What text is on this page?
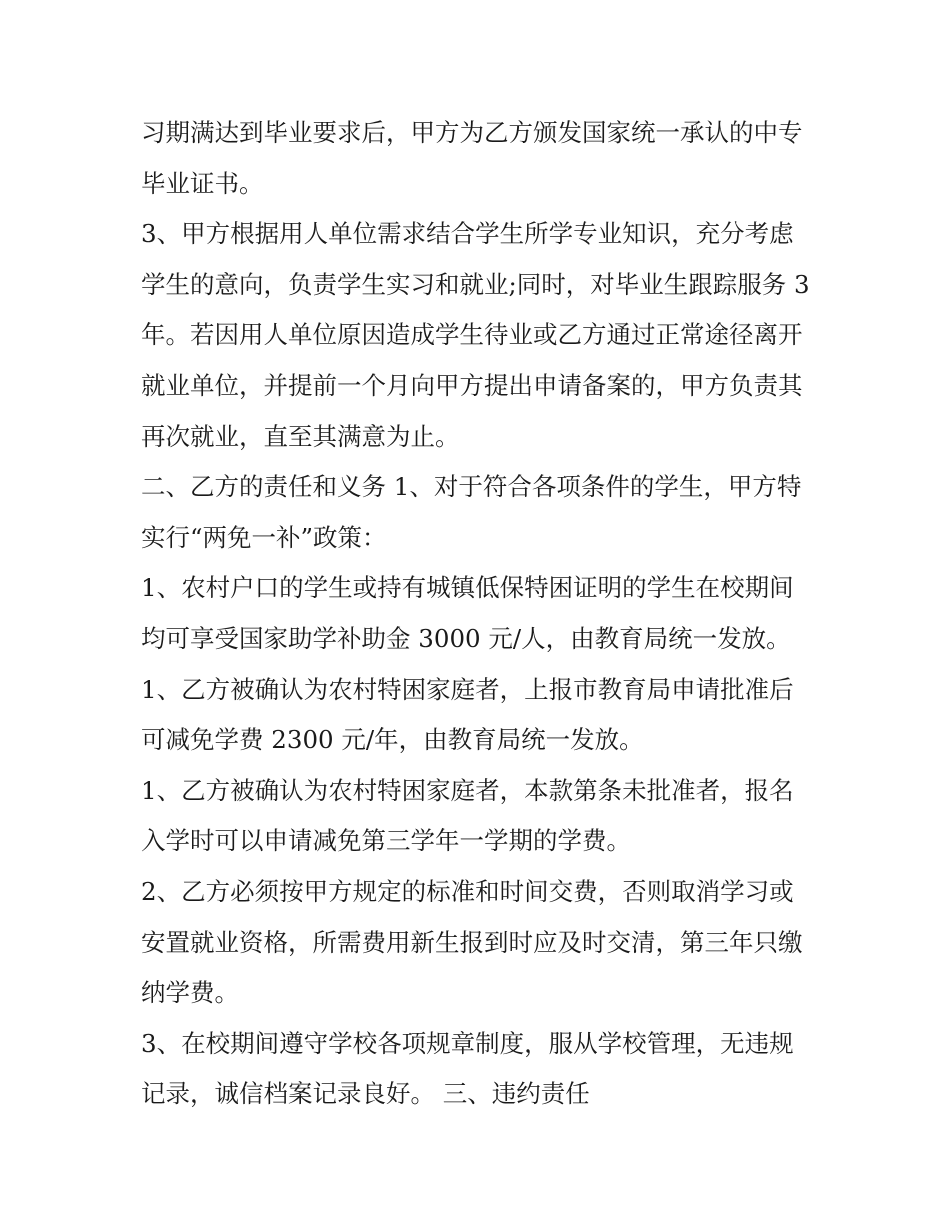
习期满达到毕业要求后，甲方为乙方颁发国家统一承认的中专
毕业证书。
3、甲方根据用人单位需求结合学生所学专业知识，充分考虑
学生的意向，负责学生实习和就业;同时，对毕业生跟踪服务 3
年。若因用人单位原因造成学生待业或乙方通过正常途径离开
就业单位，并提前一个月向甲方提出申请备案的，甲方负责其
再次就业，直至其满意为止。
二、乙方的责任和义务 1、对于符合各项条件的学生，甲方特
实行“两免一补”政策：
1、农村户口的学生或持有城镇低保特困证明的学生在校期间
均可享受国家助学补助金 3000 元/人，由教育局统一发放。
1、乙方被确认为农村特困家庭者，上报市教育局申请批准后
可减免学费 2300 元/年，由教育局统一发放。
1、乙方被确认为农村特困家庭者，本款第条未批准者，报名
入学时可以申请减免第三学年一学期的学费。
2、乙方必须按甲方规定的标准和时间交费，否则取消学习或
安置就业资格，所需费用新生报到时应及时交清，第三年只缴
纳学费。
3、在校期间遵守学校各项规章制度，服从学校管理，无违规
记录，诚信档案记录良好。 三、违约责任
